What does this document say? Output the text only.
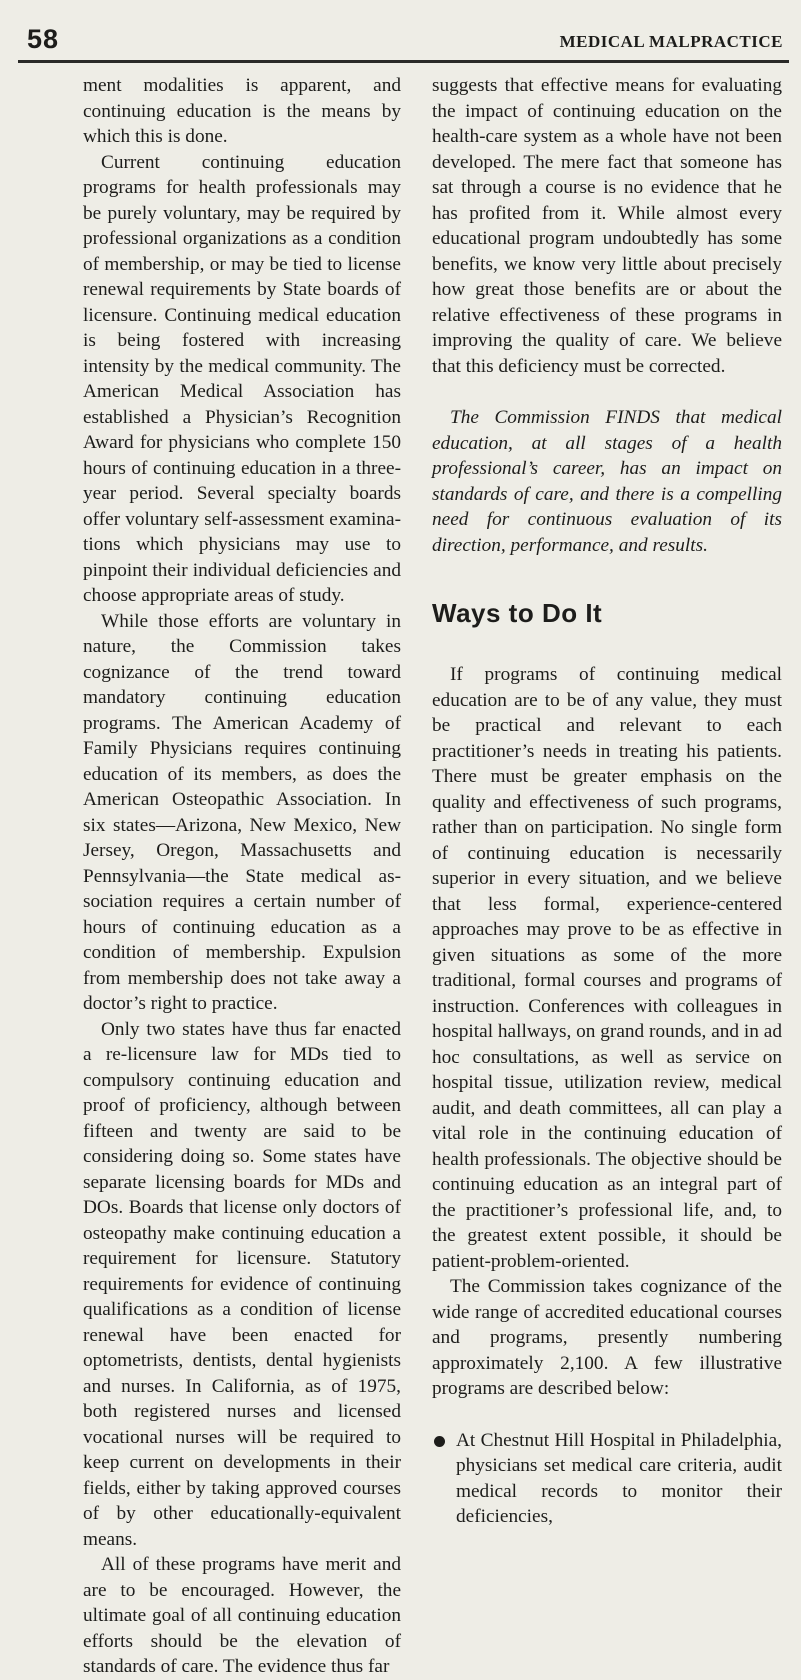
58	MEDICAL MALPRACTICE

ment modalities is apparent, and continuing education is the means by which this is done.

Current continuing education programs for health professionals may be purely voluntary, may be required by professional organizations as a condition of membership, or may be tied to license renewal requirements by State boards of licensure. Continuing medical education is being fostered with increasing intensity by the medical community. The American Medical Association has established a Physician’s Recognition Award for physicians who complete 150 hours of continuing education in a three-year period. Several specialty boards offer voluntary self-assessment examinations which physicians may use to pinpoint their individual deficiencies and choose appropriate areas of study.

While those efforts are voluntary in nature, the Commission takes cognizance of the trend toward mandatory continuing education programs. The American Academy of Family Physicians requires continuing education of its members, as does the American Osteopathic Association. In six states—Arizona, New Mexico, New Jersey, Oregon, Massachusetts and Pennsylvania—the State medical association requires a certain number of hours of continuing education as a condition of membership. Expulsion from membership does not take away a doctor’s right to practice.

Only two states have thus far enacted a re-licensure law for MDs tied to compulsory continuing education and proof of proficiency, although between fifteen and twenty are said to be considering doing so. Some states have separate licensing boards for MDs and DOs. Boards that license only doctors of osteopathy make continuing education a requirement for licensure. Statutory requirements for evidence of continuing qualifications as a condition of license renewal have been enacted for optometrists, dentists, dental hygienists and nurses. In California, as of 1975, both registered nurses and licensed vocational nurses will be required to keep current on developments in their fields, either by taking approved courses of by other educationally-equivalent means.

All of these programs have merit and are to be encouraged. However, the ultimate goal of all continuing education efforts should be the elevation of standards of care. The evidence thus far

suggests that effective means for evaluating the impact of continuing education on the health-care system as a whole have not been developed. The mere fact that someone has sat through a course is no evidence that he has profited from it. While almost every educational program undoubtedly has some benefits, we know very little about precisely how great those benefits are or about the relative effectiveness of these programs in improving the quality of care. We believe that this deficiency must be corrected.

The Commission FINDS that medical education, at all stages of a health professional’s career, has an impact on standards of care, and there is a compelling need for continuous evaluation of its direction, performance, and results.

Ways to Do It

If programs of continuing medical education are to be of any value, they must be practical and relevant to each practitioner’s needs in treating his patients. There must be greater emphasis on the quality and effectiveness of such programs, rather than on participation. No single form of continuing education is necessarily superior in every situation, and we believe that less formal, experience-centered approaches may prove to be as effective in given situations as some of the more traditional, formal courses and programs of instruction. Conferences with colleagues in hospital hallways, on grand rounds, and in ad hoc consultations, as well as service on hospital tissue, utilization review, medical audit, and death committees, all can play a vital role in the continuing education of health professionals. The objective should be continuing education as an integral part of the practitioner’s professional life, and, to the greatest extent possible, it should be patient-problem-oriented.

The Commission takes cognizance of the wide range of accredited educational courses and programs, presently numbering approximately 2,100. A few illustrative programs are described below:

At Chestnut Hill Hospital in Philadelphia, physicians set medical care criteria, audit medical records to monitor their deficiencies,
